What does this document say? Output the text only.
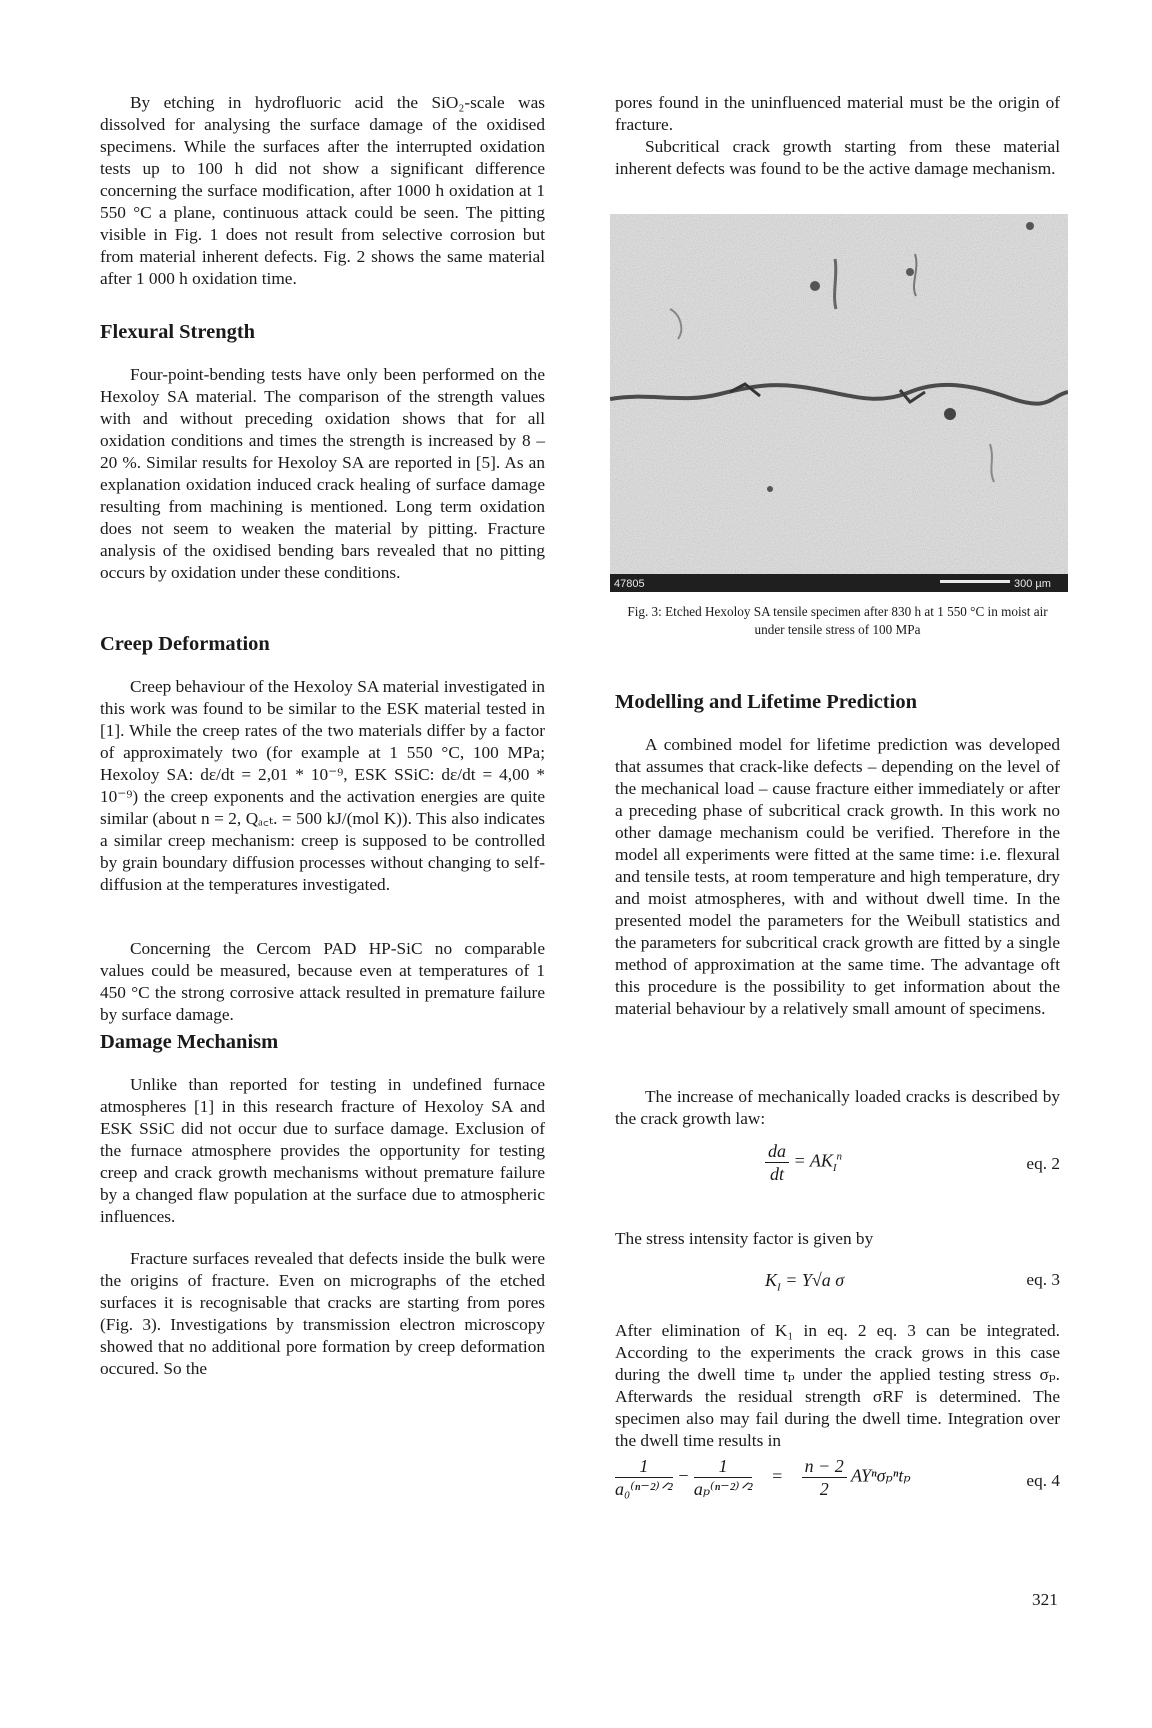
By etching in hydrofluoric acid the SiO₂-scale was dissolved for analysing the surface damage of the oxidised specimens. While the surfaces after the interrupted oxidation tests up to 100 h did not show a significant difference concerning the surface modification, after 1000 h oxidation at 1 550 °C a plane, continuous attack could be seen. The pitting visible in Fig. 1 does not result from selective corrosion but from material inherent defects. Fig. 2 shows the same material after 1 000 h oxidation time.

Flexural Strength

Four-point-bending tests have only been performed on the Hexoloy SA material. The comparison of the strength values with and without preceding oxidation shows that for all oxidation conditions and times the strength is increased by 8 – 20 %. Similar results for Hexoloy SA are reported in [5]. As an explanation oxidation induced crack healing of surface damage resulting from machining is mentioned. Long term oxidation does not seem to weaken the material by pitting. Fracture analysis of the oxidised bending bars revealed that no pitting occurs by oxidation under these conditions.

Creep Deformation

Creep behaviour of the Hexoloy SA material investigated in this work was found to be similar to the ESK material tested in [1]. While the creep rates of the two materials differ by a factor of approximately two (for example at 1 550 °C, 100 MPa; Hexoloy SA: dε/dt = 2,01 * 10⁻⁹, ESK SSiC: dε/dt = 4,00 * 10⁻⁹) the creep exponents and the activation energies are quite similar (about n = 2, Qₐ꜀ₜ. = 500 kJ/(mol K)). This also indicates a similar creep mechanism: creep is supposed to be controlled by grain boundary diffusion processes without changing to self-diffusion at the temperatures investigated.

Concerning the Cercom PAD HP-SiC no comparable values could be measured, because even at temperatures of 1 450 °C the strong corrosive attack resulted in premature failure by surface damage.

Damage Mechanism

Unlike than reported for testing in undefined furnace atmospheres [1] in this research fracture of Hexoloy SA and ESK SSiC did not occur due to surface damage. Exclusion of the furnace atmosphere provides the opportunity for testing creep and crack growth mechanisms without premature failure by a changed flaw population at the surface due to atmospheric influences.

Fracture surfaces revealed that defects inside the bulk were the origins of fracture. Even on micrographs of the etched surfaces it is recognisable that cracks are starting from pores (Fig. 3). Investigations by transmission electron microscopy showed that no additional pore formation by creep deformation occured. So the

pores found in the uninfluenced material must be the origin of fracture.

Subcritical crack growth starting from these material inherent defects was found to be the active damage mechanism.

47805	300 µm

Fig. 3: Etched Hexoloy SA tensile specimen after 830 h at 1 550 °C in moist air under tensile stress of 100 MPa

Modelling and Lifetime Prediction

A combined model for lifetime prediction was developed that assumes that crack-like defects – depending on the level of the mechanical load – cause fracture either immediately or after a preceding phase of subcritical crack growth. In this work no other damage mechanism could be verified. Therefore in the model all experiments were fitted at the same time: i.e. flexural and tensile tests, at room temperature and high temperature, dry and moist atmospheres, with and without dwell time. In the presented model the parameters for the Weibull statistics and the parameters for subcritical crack growth are fitted by a single method of approximation at the same time. The advantage oft this procedure is the possibility to get information about the material behaviour by a relatively small amount of specimens.

The increase of mechanically loaded cracks is described by the crack growth law:

$\frac{da}{dt} = AK_I^n$	eq. 2

The stress intensity factor is given by

$K_I = Y√a$ σ	eq. 3

After elimination of K₁ in eq. 2 eq. 3 can be integrated. According to the experiments the crack grows in this case during the dwell time tₚ under the applied testing stress σₚ. Afterwards the residual strength σRF is determined. The specimen also may fail during the dwell time. Integration over the dwell time results in

$\frac{1}{\text{a₀⁽ⁿ⁻²⁾ᐟ²}} - \frac{1}{\text{aₚ⁽ⁿ⁻²⁾ᐟ²}} = \frac{n - 2}{2}$ AYⁿσₚⁿtₚ	eq. 4
321
